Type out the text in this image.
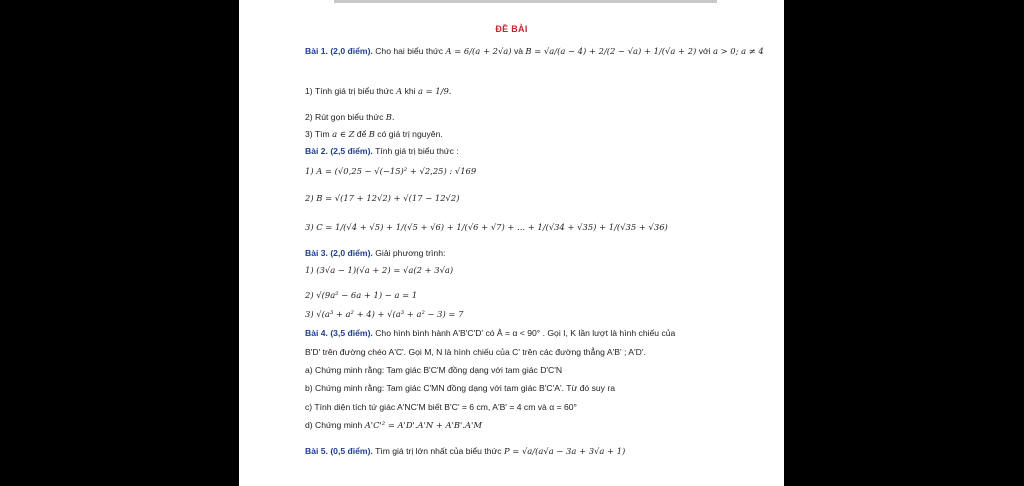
ĐỀ BÀI
Bài 1. (2,0 điểm). Cho hai biểu thức A = 6/(a + 2√a) và B = √a/(a − 4) + 2/(2 − √a) + 1/(√a + 2) với a > 0; a ≠ 4
1) Tính giá trị biểu thức A khi a = 1/9.
2) Rút gọn biểu thức B.
3) Tìm a ∈ Z để B có giá trị nguyên.
Bài 2. (2,5 điểm). Tính giá trị biểu thức :
1) A = (√0,25 − √(−15)² + √2,25) : √169
2) B = √(17 + 12√2) + √(17 − 12√2)
3) C = 1/(√4 + √5) + 1/(√5 + √6) + 1/(√6 + √7) + ... + 1/(√34 + √35) + 1/(√35 + √36)
Bài 3. (2,0 điểm). Giải phương trình:
1) (3√a − 1)(√a + 2) = √a(2 + 3√a)
2) √(9a² − 6a + 1) − a = 1
3) √(a³ + a² + 4) + √(a³ + a² − 3) = 7
Bài 4. (3,5 điểm). Cho hình bình hành A'B'C'D' có Â = α < 90° . Gọi I, K lần lượt là hình chiếu của
B'D' trên đường chéo A'C'. Gọi M, N là hình chiếu của C' trên các đường thẳng A'B' ; A'D'.
a) Chứng minh rằng: Tam giác B'C'M đồng dạng với tam giác D'C'N
b) Chứng minh rằng: Tam giác C'MN đồng dạng với tam giác B'C'A'. Từ đó suy ra
c) Tính diện tích tứ giác A'NC'M biết B'C' = 6 cm, A'B' = 4 cm và α = 60°
d) Chứng minh A'C'² = A'D'.A'N + A'B'.A'M
Bài 5. (0,5 điểm). Tìm giá trị lớn nhất của biểu thức P = √a/(a√a − 3a + 3√a + 1)
